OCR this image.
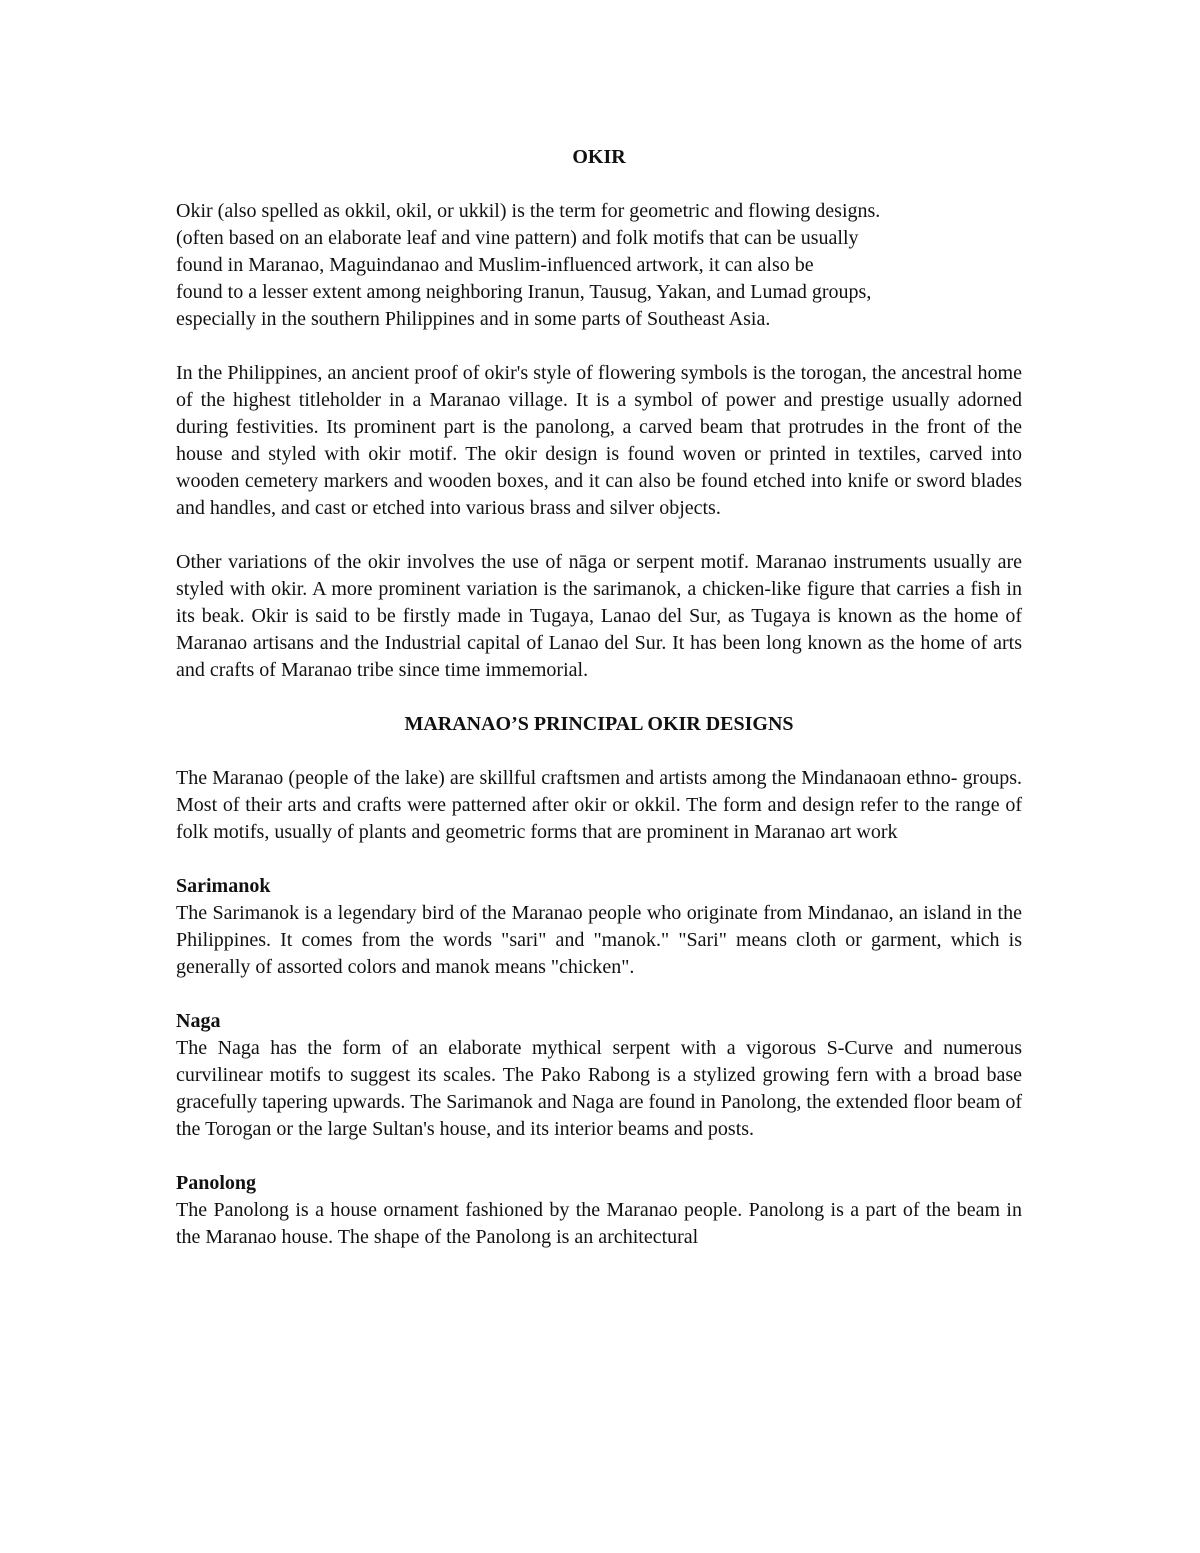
OKIR

Okir (also spelled as okkil, okil, or ukkil) is the term for geometric and flowing designs.
(often based on an elaborate leaf and vine pattern) and folk motifs that can be usually
found in Maranao, Maguindanao and Muslim-influenced artwork, it can also be
found to a lesser extent among neighboring Iranun, Tausug, Yakan, and Lumad groups,
especially in the southern Philippines and in some parts of Southeast Asia.

In the Philippines, an ancient proof of okir's style of flowering symbols is the torogan, the ancestral home of the highest titleholder in a Maranao village. It is a symbol of power and prestige usually adorned during festivities. Its prominent part is the panolong, a carved beam that protrudes in the front of the house and styled with okir motif. The okir design is found woven or printed in textiles, carved into wooden cemetery markers and wooden boxes, and it can also be found etched into knife or sword blades and handles, and cast or etched into various brass and silver objects.

Other variations of the okir involves the use of nāga or serpent motif. Maranao instruments usually are styled with okir. A more prominent variation is the sarimanok, a chicken-like figure that carries a fish in its beak. Okir is said to be firstly made in Tugaya, Lanao del Sur, as Tugaya is known as the home of Maranao artisans and the Industrial capital of Lanao del Sur. It has been long known as the home of arts and crafts of Maranao tribe since time immemorial.

MARANAO’S PRINCIPAL OKIR DESIGNS

The Maranao (people of the lake) are skillful craftsmen and artists among the Mindanaoan ethno- groups. Most of their arts and crafts were patterned after okir or okkil. The form and design refer to the range of folk motifs, usually of plants and geometric forms that are prominent in Maranao art work

Sarimanok

The Sarimanok is a legendary bird of the Maranao people who originate from Mindanao, an island in the Philippines. It comes from the words "sari" and "manok." "Sari" means cloth or garment, which is generally of assorted colors and manok means "chicken".

Naga

The Naga has the form of an elaborate mythical serpent with a vigorous S-Curve and numerous curvilinear motifs to suggest its scales. The Pako Rabong is a stylized growing fern with a broad base gracefully tapering upwards. The Sarimanok and Naga are found in Panolong, the extended floor beam of the Torogan or the large Sultan's house, and its interior beams and posts.

Panolong

The Panolong is a house ornament fashioned by the Maranao people. Panolong is a part of the beam in the Maranao house. The shape of the Panolong is an architectural
